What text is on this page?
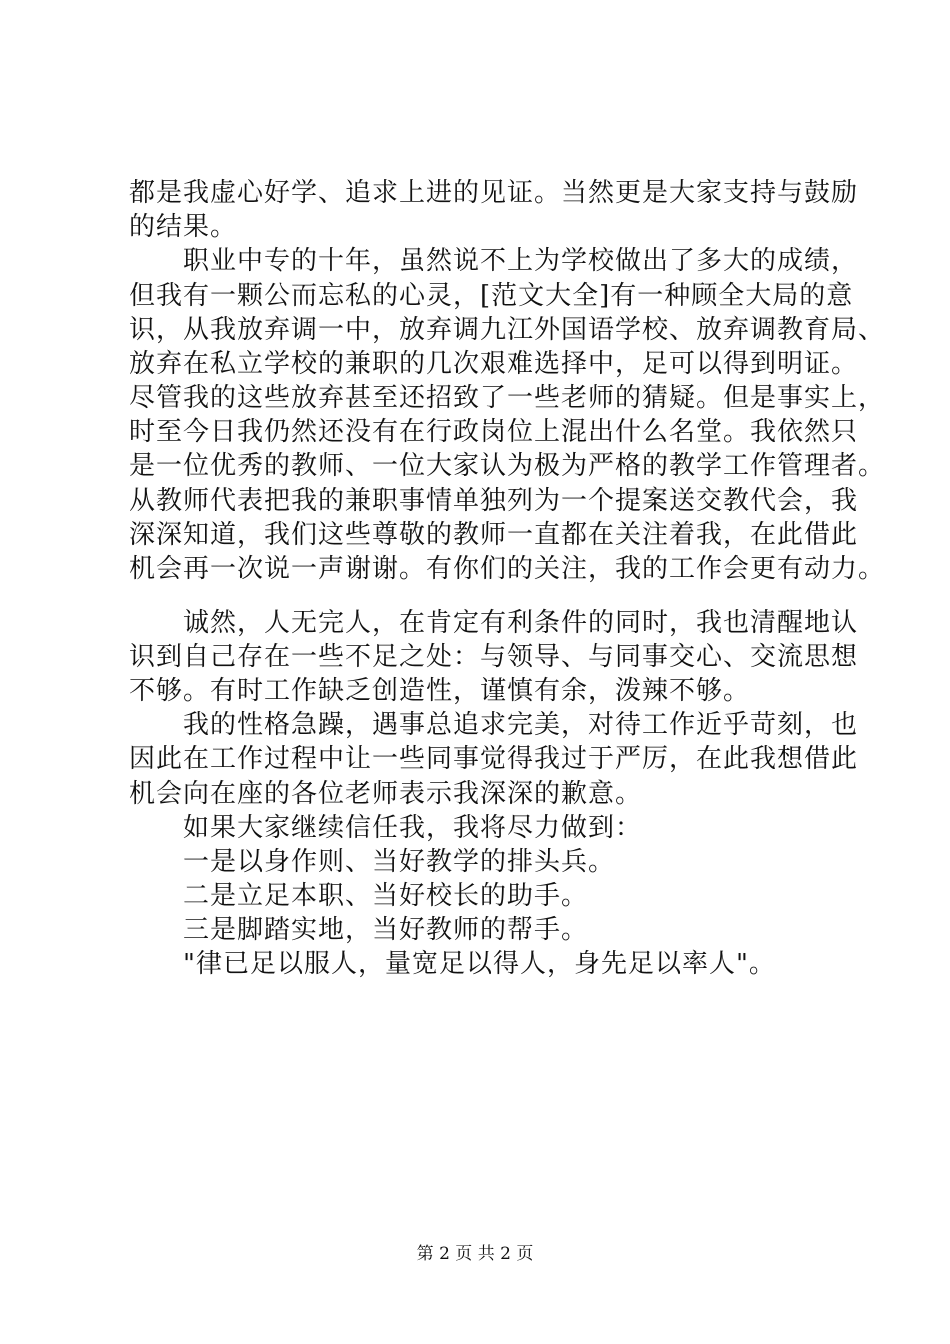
都是我虚心好学、追求上进的见证。当然更是大家支持与鼓励
的结果。
　　职业中专的十年，虽然说不上为学校做出了多大的成绩，
但我有一颗公而忘私的心灵，[范文大全]有一种顾全大局的意
识，从我放弃调一中，放弃调九江外国语学校、放弃调教育局、
放弃在私立学校的兼职的几次艰难选择中，足可以得到明证。
尽管我的这些放弃甚至还招致了一些老师的猜疑。但是事实上，
时至今日我仍然还没有在行政岗位上混出什么名堂。我依然只
是一位优秀的教师、一位大家认为极为严格的教学工作管理者。
从教师代表把我的兼职事情单独列为一个提案送交教代会，我
深深知道，我们这些尊敬的教师一直都在关注着我，在此借此
机会再一次说一声谢谢。有你们的关注，我的工作会更有动力。
　　诚然，人无完人，在肯定有利条件的同时，我也清醒地认
识到自己存在一些不足之处：与领导、与同事交心、交流思想
不够。有时工作缺乏创造性，谨慎有余，泼辣不够。
　　我的性格急躁，遇事总追求完美，对待工作近乎苛刻，也
因此在工作过程中让一些同事觉得我过于严厉，在此我想借此
机会向在座的各位老师表示我深深的歉意。
　　如果大家继续信任我，我将尽力做到：
　　一是以身作则、当好教学的排头兵。
　　二是立足本职、当好校长的助手。
　　三是脚踏实地，当好教师的帮手。
　　"律已足以服人，量宽足以得人，身先足以率人"。
第 2 页 共 2 页
